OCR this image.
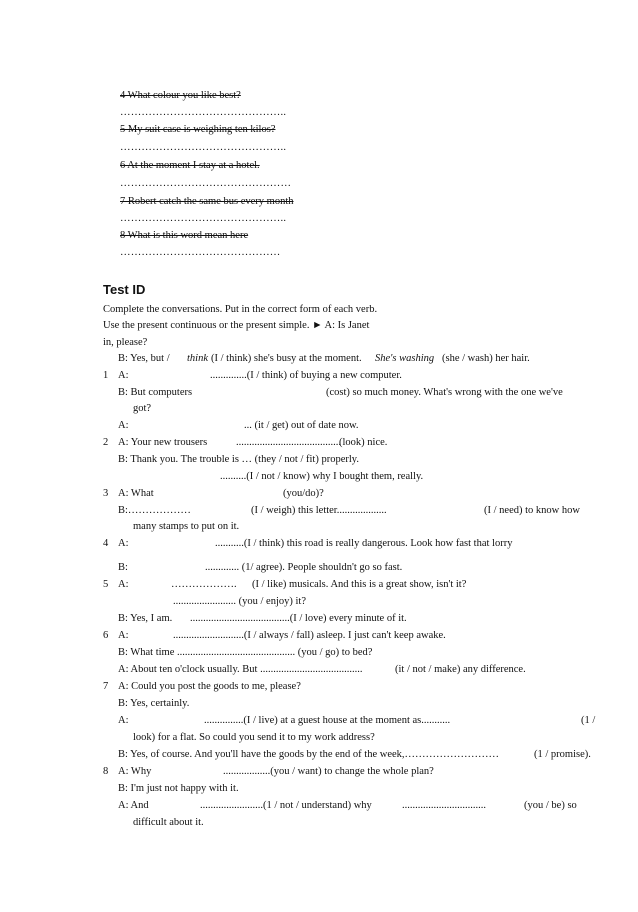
4 What colour you like best?
………………………………………..
5 My suit case is weighing ten kilos?
………………………………………..
6 At the moment I stay at a hotel.
…………………………………………
7 Robert catch the same bus every month
………………………………………..
8 What is this word mean here
………………………………………
Test ID
Complete the conversations. Put in the correct form of each verb.
Use the present continuous or the present simple. ► A: Is Janet
in, please?
B: Yes, but / think (I / think) she's busy at the moment. She's washing (she / wash) her hair.
1 A:	..............(I / think) of buying a new computer.
B: But computers	(cost) so much money. What's wrong with the one we've
got?
A:	... (it / get) out of date now.
2 A: Your new trousers	........................................
(look) nice.
B: Thank you. The trouble is … (they / not / fit) properly.
..........(I / not / know) why I bought them, really.
3 A: What	(you/do)?
B:………………	(I / weigh) this letter...................	(I / need) to know how
many stamps to put on it.
4 A:	...........(I / think) this road is really dangerous. Look how fast that lorry
B:	............. (1/ agree). People shouldn't go so fast.
5 A:	………………. (I / like) musicals. And this is a great show, isn't it?
........................ (you / enjoy) it?
B: Yes, I am. ......................................(I / love) every minute of it.
6 A:	...........................(I / always / fall) asleep. I just can't keep awake.
B: What time ............................................. (you / go) to bed?
A: About ten o'clock usually. But .......................................	(it / not / make) any difference.
7 A: Could you post the goods to me, please?
B: Yes, certainly.
A:	...............(I / live) at a guest house at the moment as...........	(1 /
look) for a flat. So could you send it to my work address?
B: Yes, of course. And you'll have the goods by the end of the week,………………………	(1 / promise).
8 A: Why	..................(you / want) to change the whole plan?
B: I'm just not happy with it.
A: And	........................(1 / not / understand) why	................................	(you / be) so
difficult about it.
